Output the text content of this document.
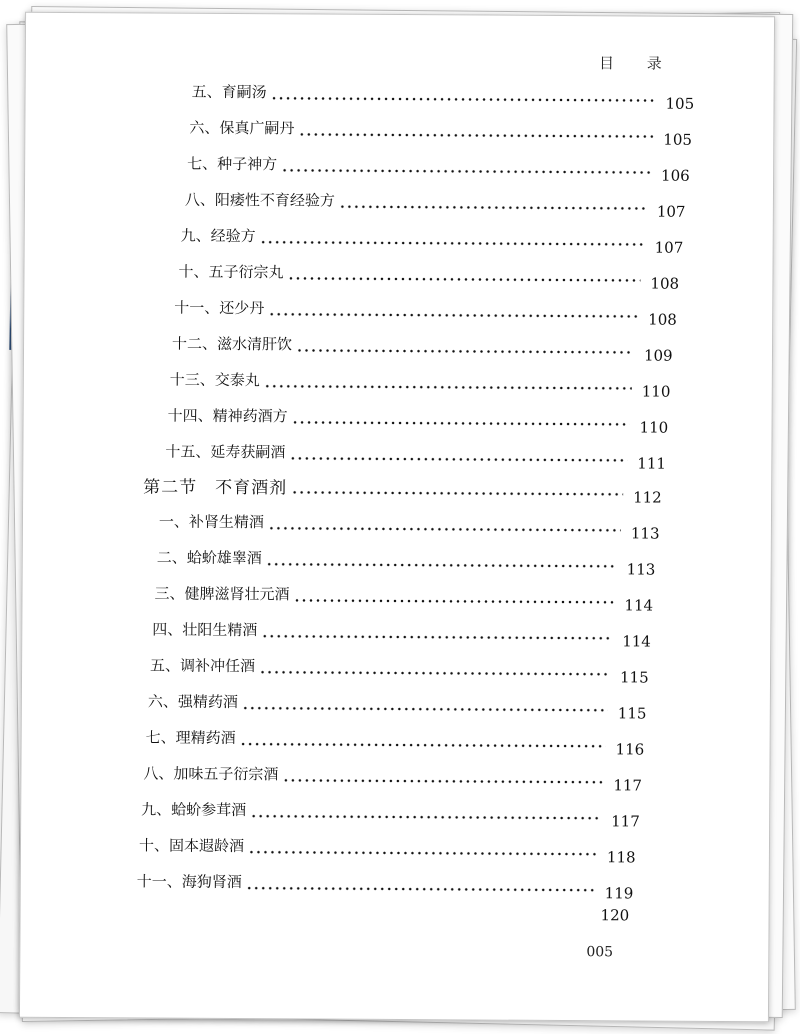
目 录
五、育嗣汤
105
六、保真广嗣丹
105
七、种子神方
106
八、阳痿性不育经验方
107
九、经验方
107
十、五子衍宗丸
108
十一、还少丹
108
十二、滋水清肝饮
109
十三、交泰丸
110
十四、精神药酒方
110
十五、延寿获嗣酒
111
第二节　不育酒剂	112
一、补肾生精酒
113
二、蛤蚧雄睾酒
113
三、健脾滋肾壮元酒
114
四、壮阳生精酒
114
五、调补冲任酒
115
六、强精药酒
115
七、理精药酒
116
八、加味五子衍宗酒
117
九、蛤蚧参茸酒
117
十、固本遐龄酒
118
十一、海狗肾酒
119
120
005
